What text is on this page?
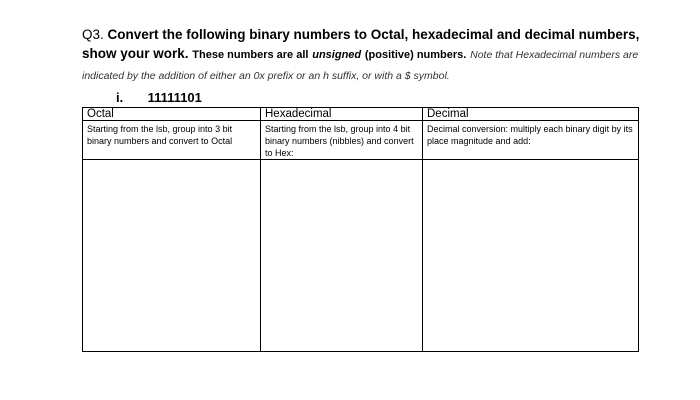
Q3. Convert the following binary numbers to Octal, hexadecimal and decimal numbers, show your work. These numbers are all unsigned (positive) numbers. Note that Hexadecimal numbers are indicated by the addition of either an 0x prefix or an h suffix, or with a $ symbol.
i. 11111101
Octal	Hexadecimal	Decimal
Starting from the lsb, group into 3 bit binary numbers and convert to Octal	Starting from the lsb, group into 4 bit binary numbers (nibbles) and convert to Hex:	Decimal conversion: multiply each binary digit by its place magnitude and add:
